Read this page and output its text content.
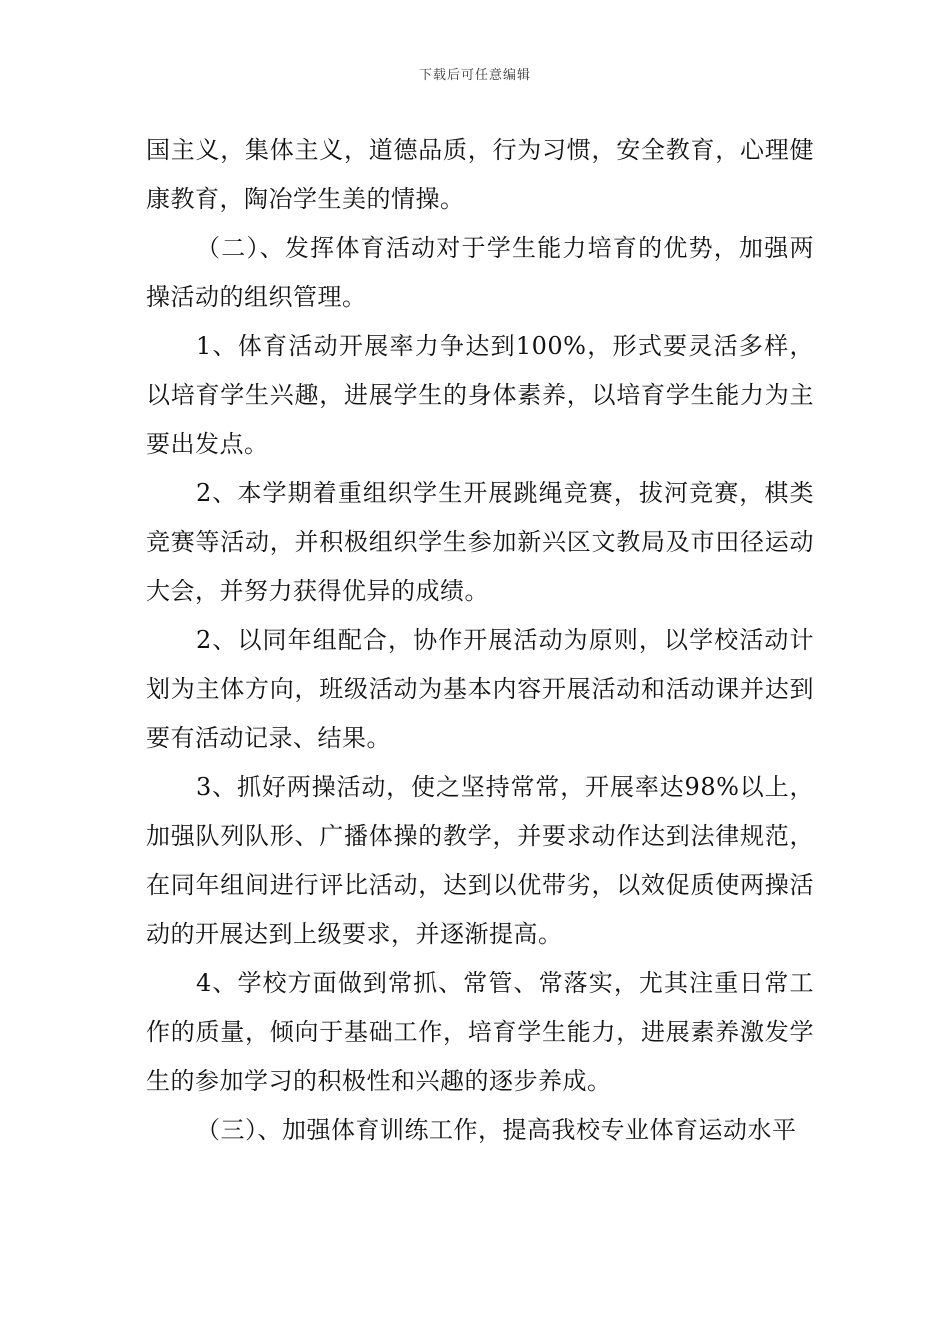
下载后可任意编辑

国主义，集体主义，道德品质，行为习惯，安全教育，心理健康教育，陶冶学生美的情操。

（二）、发挥体育活动对于学生能力培育的优势，加强两操活动的组织管理。

1、体育活动开展率力争达到100%，形式要灵活多样，以培育学生兴趣，进展学生的身体素养，以培育学生能力为主要出发点。

2、本学期着重组织学生开展跳绳竞赛，拔河竞赛，棋类竞赛等活动，并积极组织学生参加新兴区文教局及市田径运动大会，并努力获得优异的成绩。

2、以同年组配合，协作开展活动为原则，以学校活动计划为主体方向，班级活动为基本内容开展活动和活动课并达到要有活动记录、结果。

3、抓好两操活动，使之坚持常常，开展率达98%以上，加强队列队形、广播体操的教学，并要求动作达到法律规范，在同年组间进行评比活动，达到以优带劣，以效促质使两操活动的开展达到上级要求，并逐渐提高。

4、学校方面做到常抓、常管、常落实，尤其注重日常工作的质量，倾向于基础工作，培育学生能力，进展素养激发学生的参加学习的积极性和兴趣的逐步养成。

（三）、加强体育训练工作，提高我校专业体育运动水平
